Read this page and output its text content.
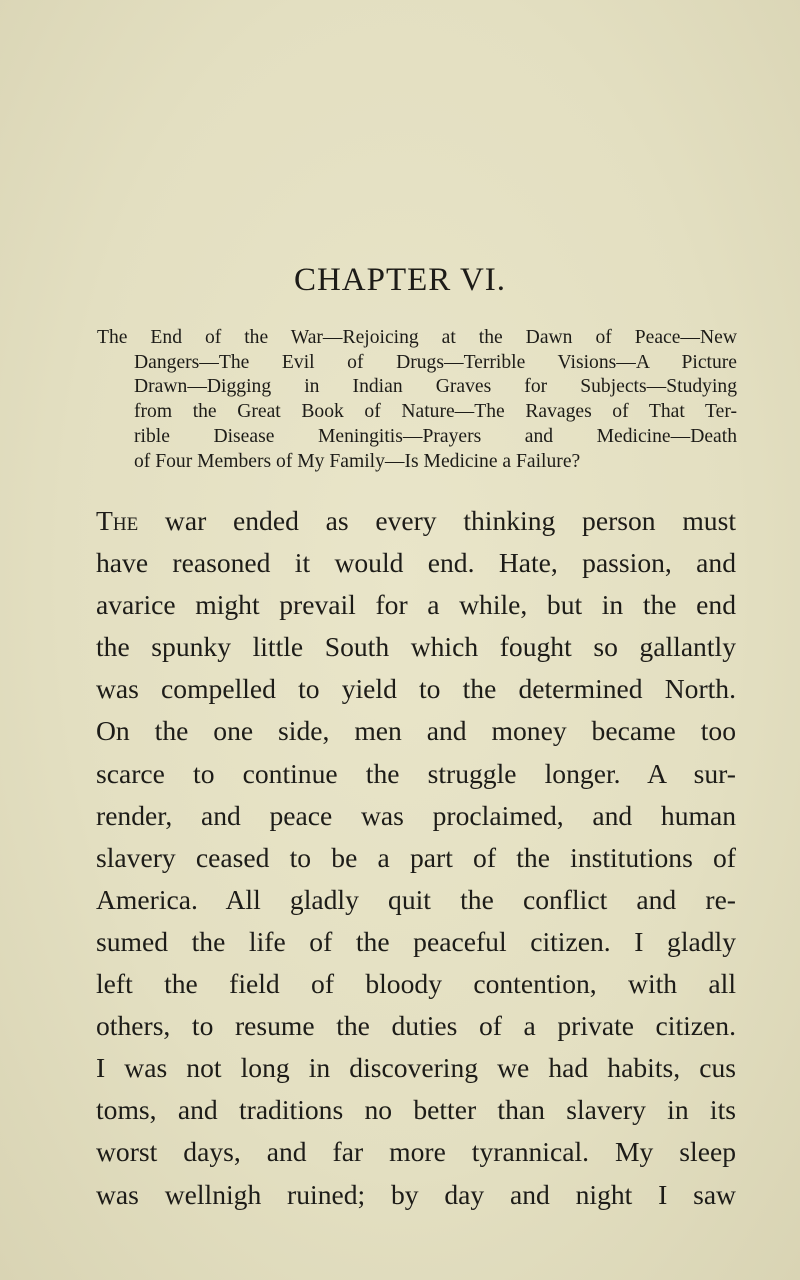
CHAPTER VI.
The End of the War—Rejoicing at the Dawn of Peace—New
Dangers—The Evil of Drugs—Terrible Visions—A Picture
Drawn—Digging in Indian Graves for Subjects—Studying
from the Great Book of Nature—The Ravages of That Ter-
rible Disease Meningitis—Prayers and Medicine—Death
of Four Members of My Family—Is Medicine a Failure?
The war ended as every thinking person must
have reasoned it would end. Hate, passion, and
avarice might prevail for a while, but in the end
the spunky little South which fought so gallantly
was compelled to yield to the determined North.
On the one side, men and money became too
scarce to continue the struggle longer. A sur-
render, and peace was proclaimed, and human
slavery ceased to be a part of the institutions of
America. All gladly quit the conflict and re-
sumed the life of the peaceful citizen. I gladly
left the field of bloody contention, with all
others, to resume the duties of a private citizen.
I was not long in discovering we had habits, cus
toms, and traditions no better than slavery in its
worst days, and far more tyrannical. My sleep
was wellnigh ruined; by day and night I saw
